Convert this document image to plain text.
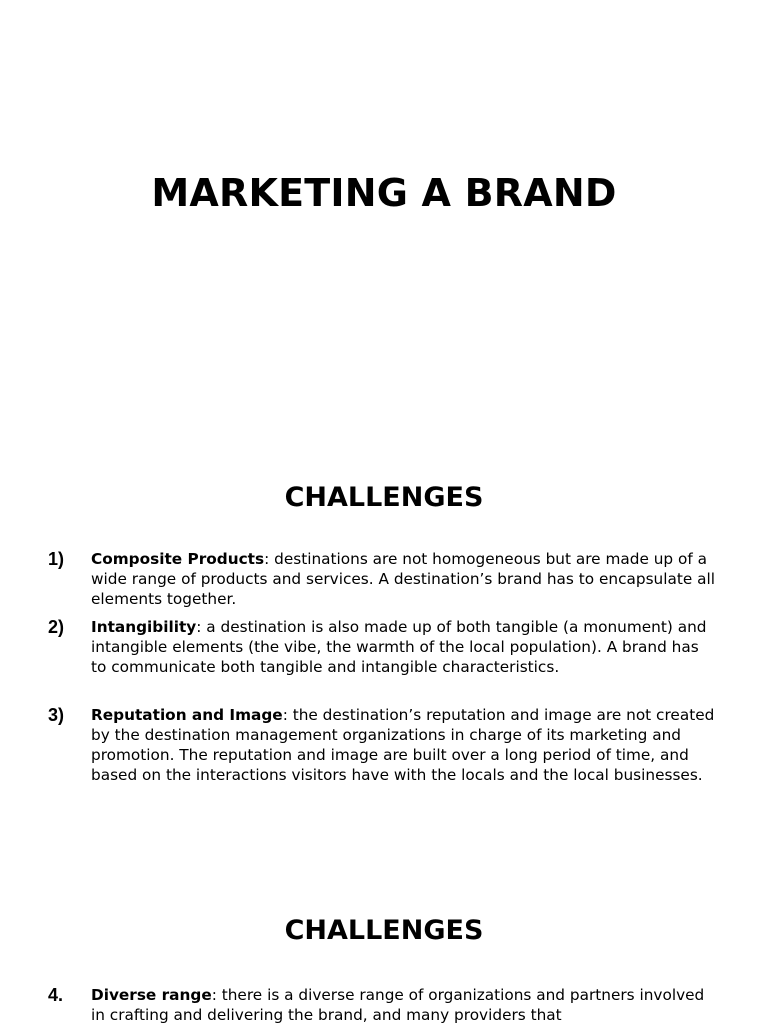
MARKETING A BRAND
CHALLENGES
1)	Composite Products: destinations are not homogeneous but are made up of a wide range of products and services. A destination’s brand has to encapsulate all elements together.
2)	Intangibility: a destination is also made up of both tangible (a monument) and intangible elements (the vibe, the warmth of the local population). A brand has to communicate both tangible and intangible characteristics.
3)	Reputation and Image: the destination’s reputation and image are not created by the destination management organizations in charge of its marketing and promotion. The reputation and image are built over a long period of time, and based on the interactions visitors have with the locals and the local businesses.
CHALLENGES
4.	Diverse range: there is a diverse range of organizations and partners involved in crafting and delivering the brand, and many providers that
